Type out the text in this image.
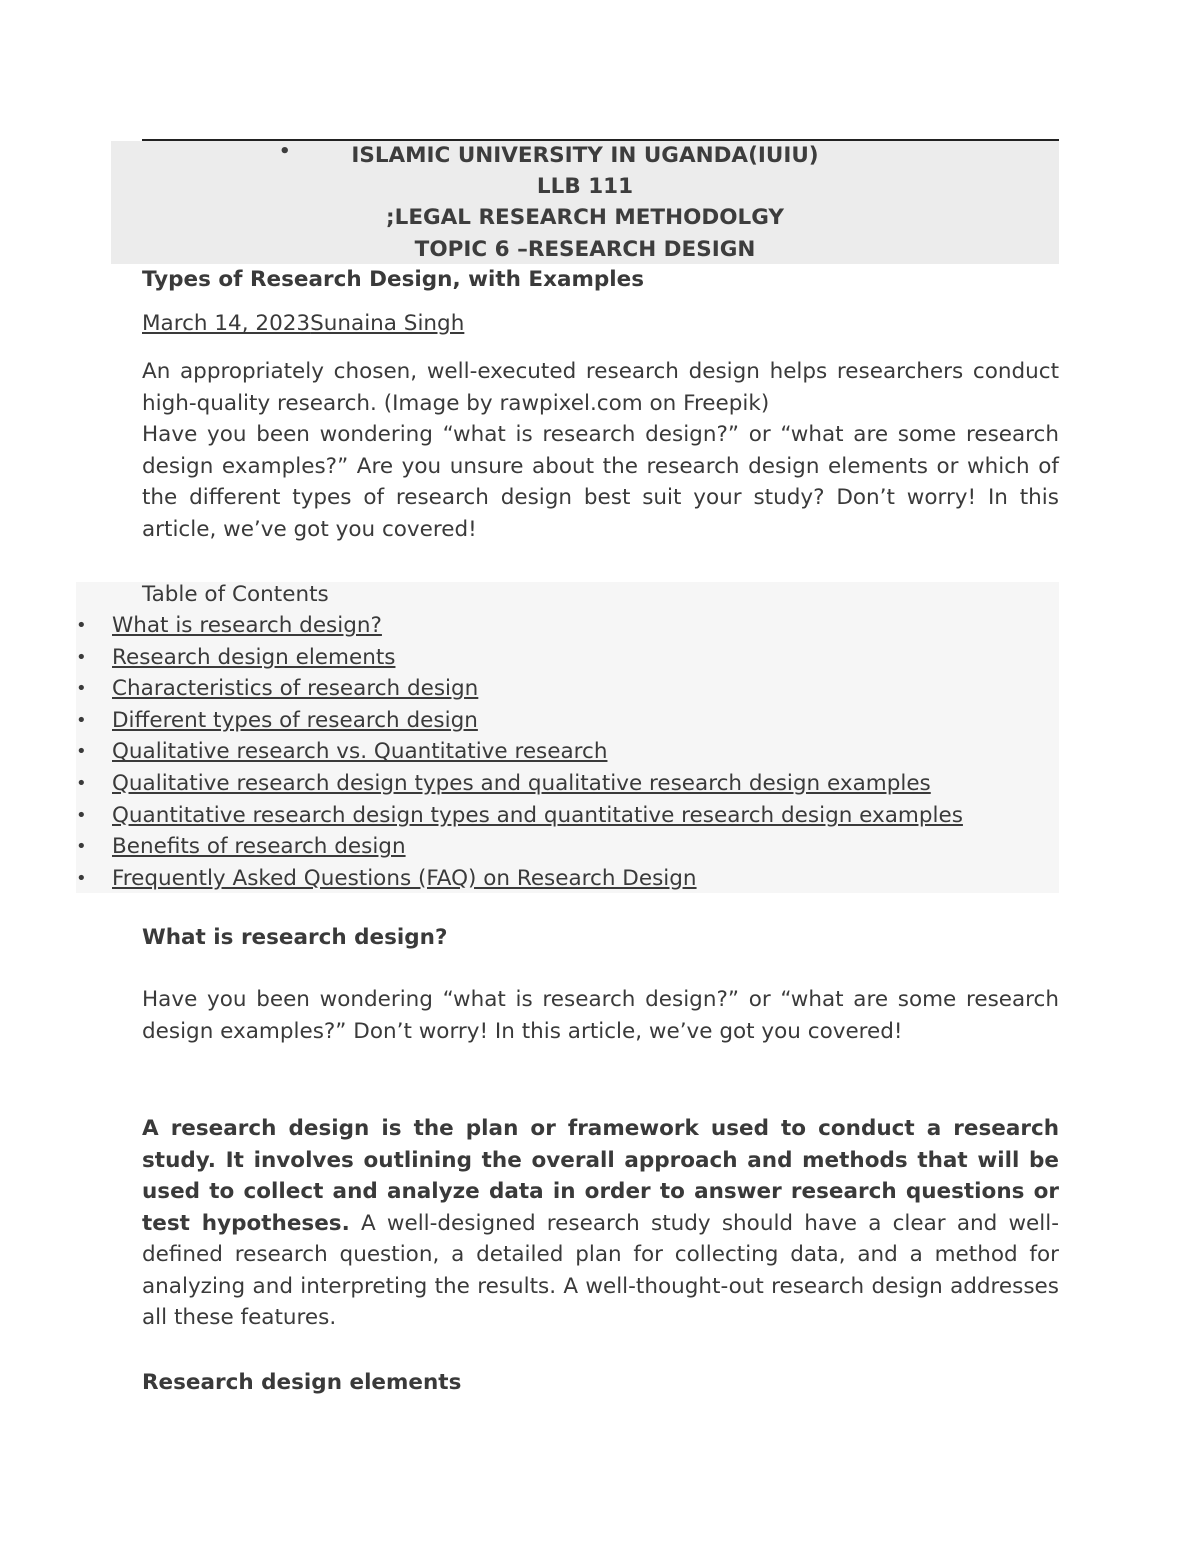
•	ISLAMIC UNIVERSITY IN UGANDA(IUIU)
LLB 111
;LEGAL RESEARCH METHODOLGY
TOPIC 6 –RESEARCH DESIGN
Types of Research Design, with Examples
March 14, 2023Sunaina Singh

An appropriately chosen, well-executed research design helps researchers conduct high-quality research. (Image by rawpixel.com on Freepik)

Have you been wondering “what is research design?” or “what are some research design examples?” Are you unsure about the research design elements or which of the different types of research design best suit your study? Don’t worry! In this article, we’ve got you covered!

Table of Contents
• What is research design?
• Research design elements
• Characteristics of research design
• Different types of research design
• Qualitative research vs. Quantitative research
• Qualitative research design types and qualitative research design examples
• Quantitative research design types and quantitative research design examples
• Benefits of research design
• Frequently Asked Questions (FAQ) on Research Design
What is research design?

Have you been wondering “what is research design?” or “what are some research design examples?” Don’t worry! In this article, we’ve got you covered!

A research design is the plan or framework used to conduct a research study. It involves outlining the overall approach and methods that will be used to collect and analyze data in order to answer research questions or test hypotheses. A well-designed research study should have a clear and well-defined research question, a detailed plan for collecting data, and a method for analyzing and interpreting the results. A well-thought-out research design addresses all these features.

Research design elements
